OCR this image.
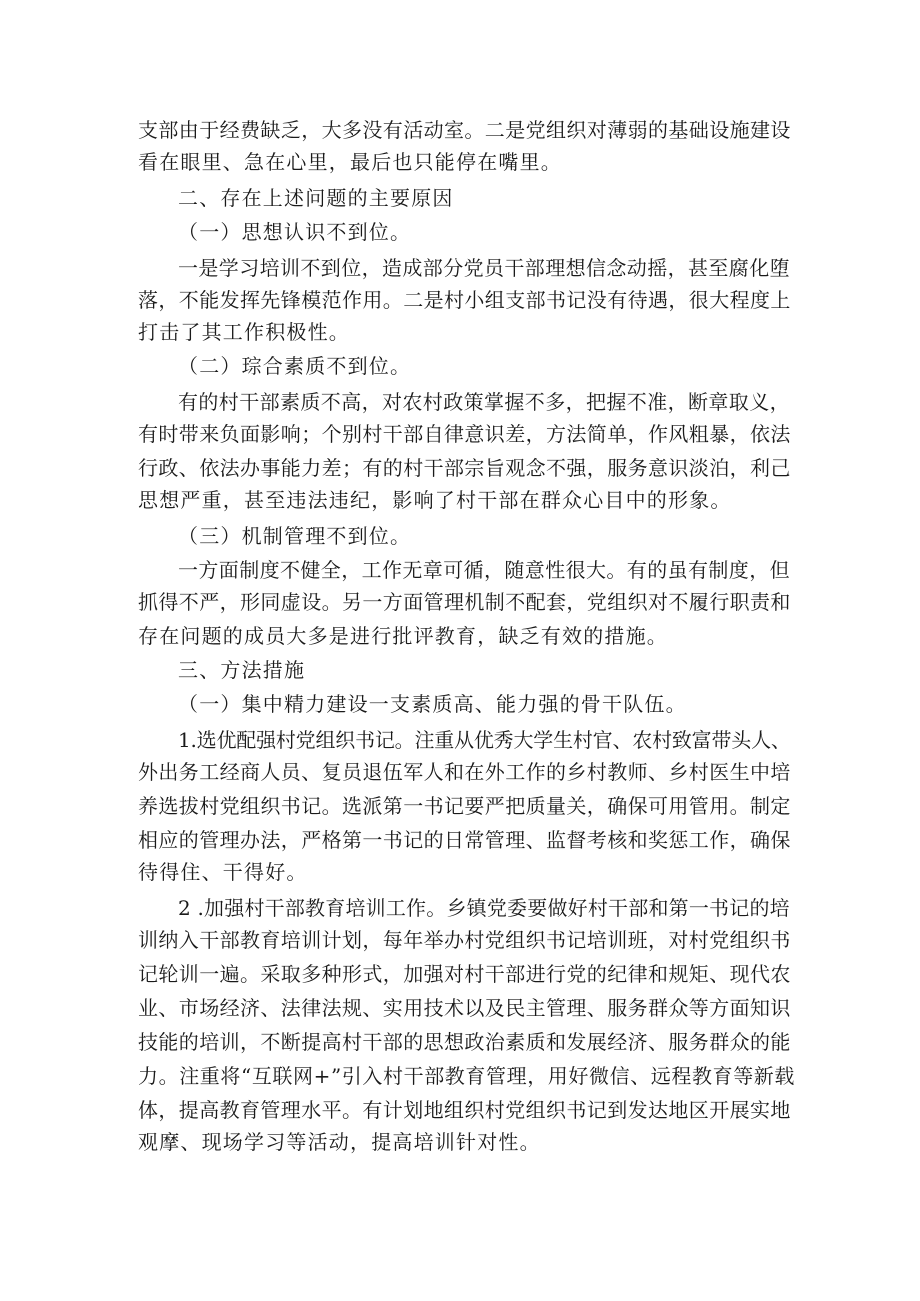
支部由于经费缺乏，大多没有活动室。二是党组织对薄弱的基础设施建设
看在眼里、急在心里，最后也只能停在嘴里。
二、存在上述问题的主要原因
（一）思想认识不到位。
一是学习培训不到位，造成部分党员干部理想信念动摇，甚至腐化堕
落，不能发挥先锋模范作用。二是村小组支部书记没有待遇，很大程度上
打击了其工作积极性。
（二）琮合素质不到位。
有的村干部素质不高，对农村政策掌握不多，把握不准，断章取义，
有时带来负面影响；个别村干部自律意识差，方法简单，作风粗暴，依法
行政、依法办事能力差；有的村干部宗旨观念不强，服务意识淡泊，利己
思想严重，甚至违法违纪，影响了村干部在群众心目中的形象。
（三）机制管理不到位。
一方面制度不健全，工作无章可循，随意性很大。有的虽有制度，但
抓得不严，形同虚设。另一方面管理机制不配套，党组织对不履行职责和
存在问题的成员大多是进行批评教育，缺乏有效的措施。
三、方法措施
（一）集中精力建设一支素质高、能力强的骨干队伍。
1.选优配强村党组织书记。注重从优秀大学生村官、农村致富带头人、
外出务工经商人员、复员退伍军人和在外工作的乡村教师、乡村医生中培
养选拔村党组织书记。选派第一书记要严把质量关，确保可用管用。制定
相应的管理办法，严格第一书记的日常管理、监督考核和奖惩工作，确保
待得住、干得好。
2 .加强村干部教育培训工作。乡镇党委要做好村干部和第一书记的培
训纳入干部教育培训计划，每年举办村党组织书记培训班，对村党组织书
记轮训一遍。采取多种形式，加强对村干部进行党的纪律和规矩、现代农
业、市场经济、法律法规、实用技术以及民主管理、服务群众等方面知识
技能的培训，不断提高村干部的思想政治素质和发展经济、服务群众的能
力。注重将“互联网+”引入村干部教育管理，用好微信、远程教育等新载
体，提高教育管理水平。有计划地组织村党组织书记到发达地区开展实地
观摩、现场学习等活动，提高培训针对性。
